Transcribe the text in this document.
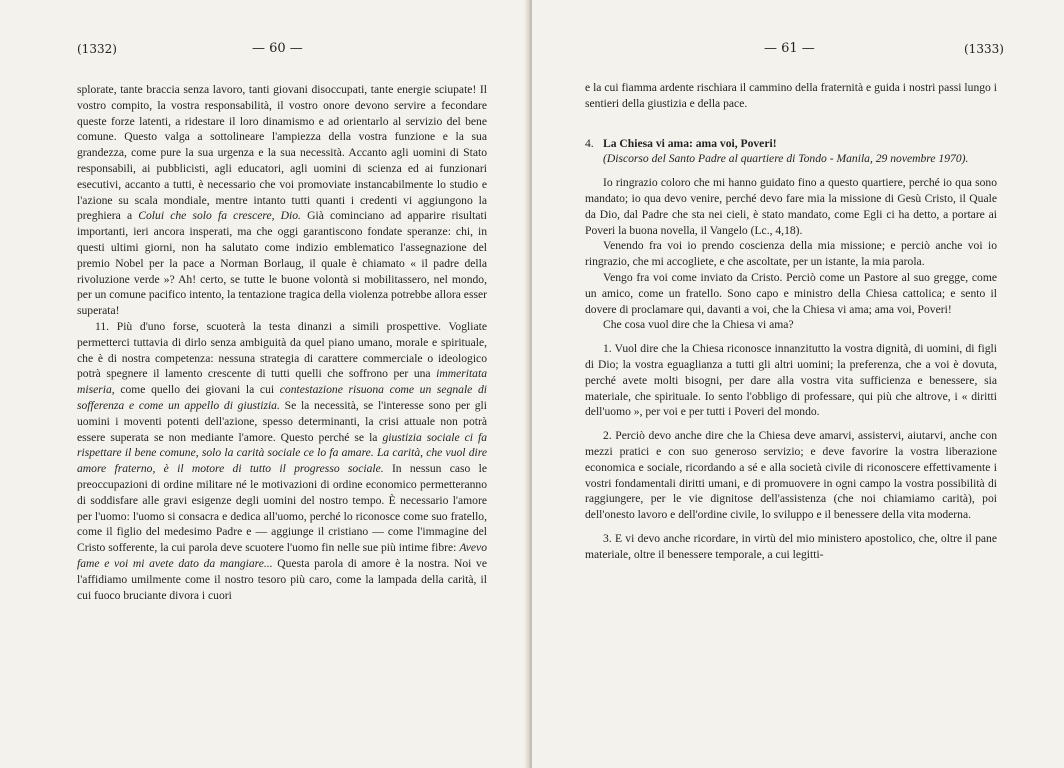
(1332)	— 60 —

splorate, tante braccia senza lavoro, tanti giovani disoccupati, tante energie sciupate! Il vostro compito, la vostra responsabilità, il vostro onore devono servire a fecondare queste forze latenti, a ridestare il loro dinamismo e ad orientarlo al servizio del bene comune. Questo valga a sottolineare l'ampiezza della vostra funzione e la sua grandezza, come pure la sua urgenza e la sua necessità. Accanto agli uomini di Stato responsabili, ai pubblicisti, agli educatori, agli uomini di scienza ed ai funzionari esecutivi, accanto a tutti, è necessario che voi promoviate instancabilmente lo studio e l'azione su scala mondiale, mentre intanto tutti quanti i credenti vi aggiungono la preghiera a Colui che solo fa crescere, Dio. Già cominciano ad apparire risultati importanti, ieri ancora insperati, ma che oggi garantiscono fondate speranze: chi, in questi ultimi giorni, non ha salutato come indizio emblematico l'assegnazione del premio Nobel per la pace a Norman Borlaug, il quale è chiamato « il padre della rivoluzione verde »? Ah! certo, se tutte le buone volontà si mobilitassero, nel mondo, per un comune pacifico intento, la tentazione tragica della violenza potrebbe allora esser superata!

11. Più d'uno forse, scuoterà la testa dinanzi a simili prospettive. Vogliate permetterci tuttavia di dirlo senza ambiguità da quel piano umano, morale e spirituale, che è di nostra competenza: nessuna strategia di carattere commerciale o ideologico potrà spegnere il lamento crescente di tutti quelli che soffrono per una immeritata miseria, come quello dei giovani la cui contestazione risuona come un segnale di sofferenza e come un appello di giustizia. Se la necessità, se l'interesse sono per gli uomini i moventi potenti dell'azione, spesso determinanti, la crisi attuale non potrà essere superata se non mediante l'amore. Questo perché se la giustizia sociale ci fa rispettare il bene comune, solo la carità sociale ce lo fa amare. La carità, che vuol dire amore fraterno, è il motore di tutto il progresso sociale. In nessun caso le preoccupazioni di ordine militare né le motivazioni di ordine economico permetteranno di soddisfare alle gravi esigenze degli uomini del nostro tempo. È necessario l'amore per l'uomo: l'uomo si consacra e dedica all'uomo, perché lo riconosce come suo fratello, come il figlio del medesimo Padre e — aggiunge il cristiano — come l'immagine del Cristo sofferente, la cui parola deve scuotere l'uomo fin nelle sue più intime fibre: Avevo fame e voi mi avete dato da mangiare... Questa parola di amore è la nostra. Noi ve l'affidiamo umilmente come il nostro tesoro più caro, come la lampada della carità, il cui fuoco bruciante divora i cuori

— 61 —	(1333)

e la cui fiamma ardente rischiara il cammino della fraternità e guida i nostri passi lungo i sentieri della giustizia e della pace.

4. La Chiesa vi ama: ama voi, Poveri!
(Discorso del Santo Padre al quartiere di Tondo - Manila, 29 novembre 1970).

Io ringrazio coloro che mi hanno guidato fino a questo quartiere, perché io qua sono mandato; io qua devo venire, perché devo fare mia la missione di Gesù Cristo, il Quale da Dio, dal Padre che sta nei cieli, è stato mandato, come Egli ci ha detto, a portare ai Poveri la buona novella, il Vangelo (Lc., 4,18).

Venendo fra voi io prendo coscienza della mia missione; e perciò anche voi io ringrazio, che mi accogliete, e che ascoltate, per un istante, la mia parola.

Vengo fra voi come inviato da Cristo. Perciò come un Pastore al suo gregge, come un amico, come un fratello. Sono capo e ministro della Chiesa cattolica; e sento il dovere di proclamare qui, davanti a voi, che la Chiesa vi ama; ama voi, Poveri!

Che cosa vuol dire che la Chiesa vi ama?

1. Vuol dire che la Chiesa riconosce innanzitutto la vostra dignità, di uomini, di figli di Dio; la vostra eguaglianza a tutti gli altri uomini; la preferenza, che a voi è dovuta, perché avete molti bisogni, per dare alla vostra vita sufficienza e benessere, sia materiale, che spirituale. Io sento l'obbligo di professare, qui più che altrove, i « diritti dell'uomo », per voi e per tutti i Poveri del mondo.

2. Perciò devo anche dire che la Chiesa deve amarvi, assistervi, aiutarvi, anche con mezzi pratici e con suo generoso servizio; e deve favorire la vostra liberazione economica e sociale, ricordando a sé e alla società civile di riconoscere effettivamente i vostri fondamentali diritti umani, e di promuovere in ogni campo la vostra possibilità di raggiungere, per le vie dignitose dell'assistenza (che noi chiamiamo carità), poi dell'onesto lavoro e dell'ordine civile, lo sviluppo e il benessere della vita moderna.

3. E vi devo anche ricordare, in virtù del mio ministero apostolico, che, oltre il pane materiale, oltre il benessere temporale, a cui legitti-
